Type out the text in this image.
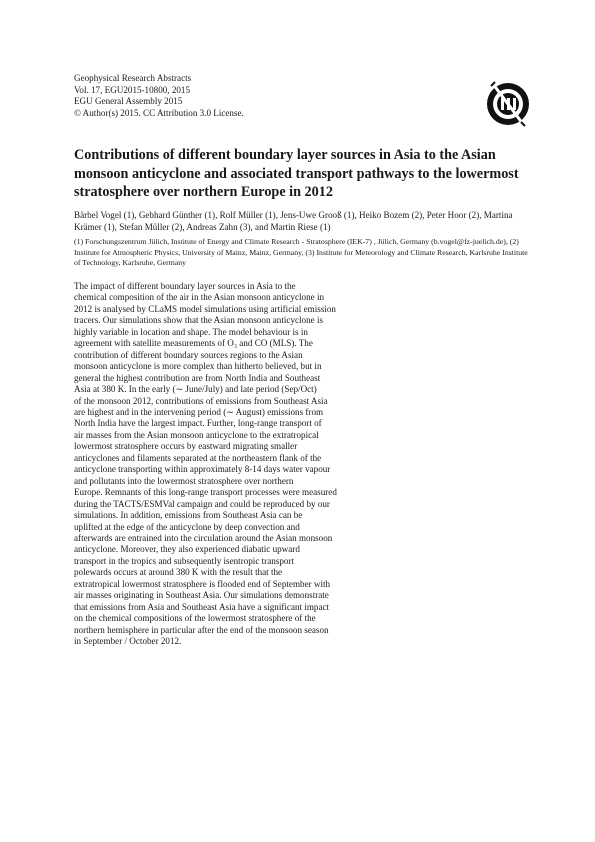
Geophysical Research Abstracts
Vol. 17, EGU2015-10800, 2015
EGU General Assembly 2015
© Author(s) 2015. CC Attribution 3.0 License.
Contributions of different boundary layer sources in Asia to the Asian monsoon anticyclone and associated transport pathways to the lowermost stratosphere over northern Europe in 2012
Bärbel Vogel (1), Gebhard Günther (1), Rolf Müller (1), Jens-Uwe Grooß (1), Heiko Bozem (2), Peter Hoor (2), Martina Krämer (1), Stefan Müller (2), Andreas Zahn (3), and Martin Riese (1)
(1) Forschungszentrum Jülich, Institute of Energy and Climate Research - Stratosphere (IEK-7) , Jülich, Germany (b.vogel@fz-juelich.de), (2) Institute for Atmospheric Physics, University of Mainz, Mainz, Germany, (3) Institute for Meteorology and Climate Research, Karlsruhe Institute of Technology, Karlsruhe, Germany
The impact of different boundary layer sources in Asia to the
chemical composition of the air in the Asian monsoon anticyclone in
2012 is analysed by CLaMS model simulations using artificial emission
tracers. Our simulations show that the Asian monsoon anticyclone is
highly variable in location and shape. The model behaviour is in
agreement with satellite measurements of O₃ and CO (MLS). The
contribution of different boundary sources regions to the Asian
monsoon anticyclone is more complex than hitherto believed, but in
general the highest contribution are from North India and Southeast
Asia at 380 K. In the early (∼ June/July) and late period (Sep/Oct)
of the monsoon 2012, contributions of emissions from Southeast Asia
are highest and in the intervening period (∼ August) emissions from
North India have the largest impact. Further, long-range transport of
air masses from the Asian monsoon anticyclone to the extratropical
lowermost stratosphere occurs by eastward migrating smaller
anticyclones and filaments separated at the northeastern flank of the
anticyclone transporting within approximately 8-14 days water vapour
and pollutants into the lowermost stratosphere over northern
Europe. Remnants of this long-range transport processes were measured
during the TACTS/ESMVal campaign and could be reproduced by our
simulations. In addition, emissions from Southeast Asia can be
uplifted at the edge of the anticyclone by deep convection and
afterwards are entrained into the circulation around the Asian monsoon
anticyclone. Moreover, they also experienced diabatic upward
transport in the tropics and subsequently isentropic transport
polewards occurs at around 380 K with the result that the
extratropical lowermost stratosphere is flooded end of September with
air masses originating in Southeast Asia. Our simulations demonstrate
that emissions from Asia and Southeast Asia have a significant impact
on the chemical compositions of the lowermost stratosphere of the
northern hemisphere in particular after the end of the monsoon season
in September / October 2012.
